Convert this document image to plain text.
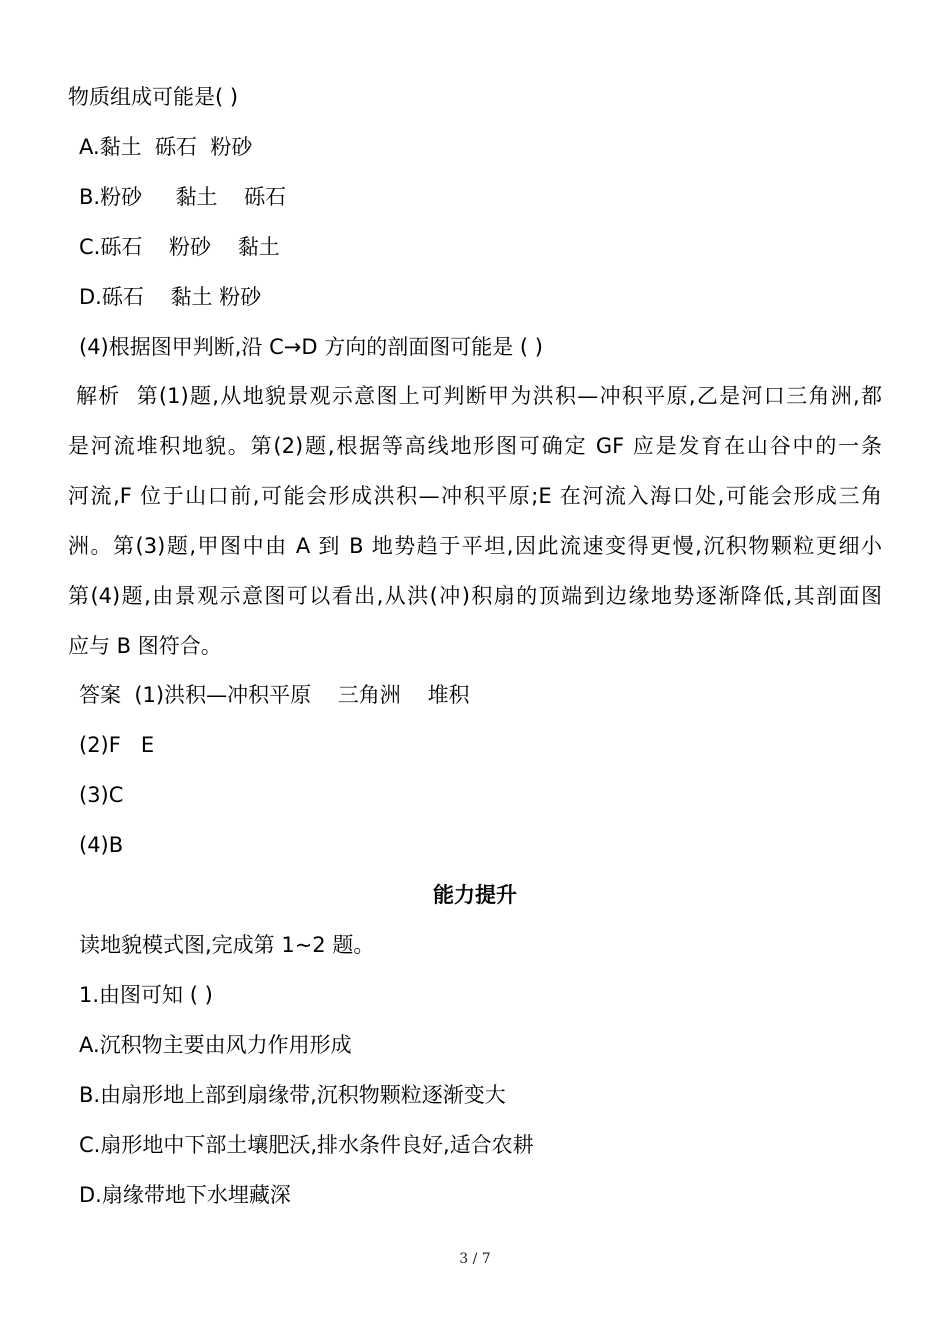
物质组成可能是( )
A.黏土  砾石  粉砂
B.粉砂     黏土    砾石
C.砾石    粉砂    黏土
D.砾石    黏土 粉砂
(4)根据图甲判断,沿 C→D 方向的剖面图可能是 ( )
解析  第(1)题,从地貌景观示意图上可判断甲为洪积—冲积平原,乙是河口三角洲,都
是河流堆积地貌。第(2)题,根据等高线地形图可确定 GF 应是发育在山谷中的一条
河流,F 位于山口前,可能会形成洪积—冲积平原;E 在河流入海口处,可能会形成三角
洲。第(3)题,甲图中由 A 到 B 地势趋于平坦,因此流速变得更慢,沉积物颗粒更细小
第(4)题,由景观示意图可以看出,从洪(冲)积扇的顶端到边缘地势逐渐降低,其剖面图
应与 B 图符合。
答案  (1)洪积—冲积平原    三角洲    堆积
(2)F   E
(3)C
(4)B
能力提升
读地貌模式图,完成第 1~2 题。
1.由图可知 ( )
A.沉积物主要由风力作用形成
B.由扇形地上部到扇缘带,沉积物颗粒逐渐变大
C.扇形地中下部土壤肥沃,排水条件良好,适合农耕
D.扇缘带地下水埋藏深
3 / 7
